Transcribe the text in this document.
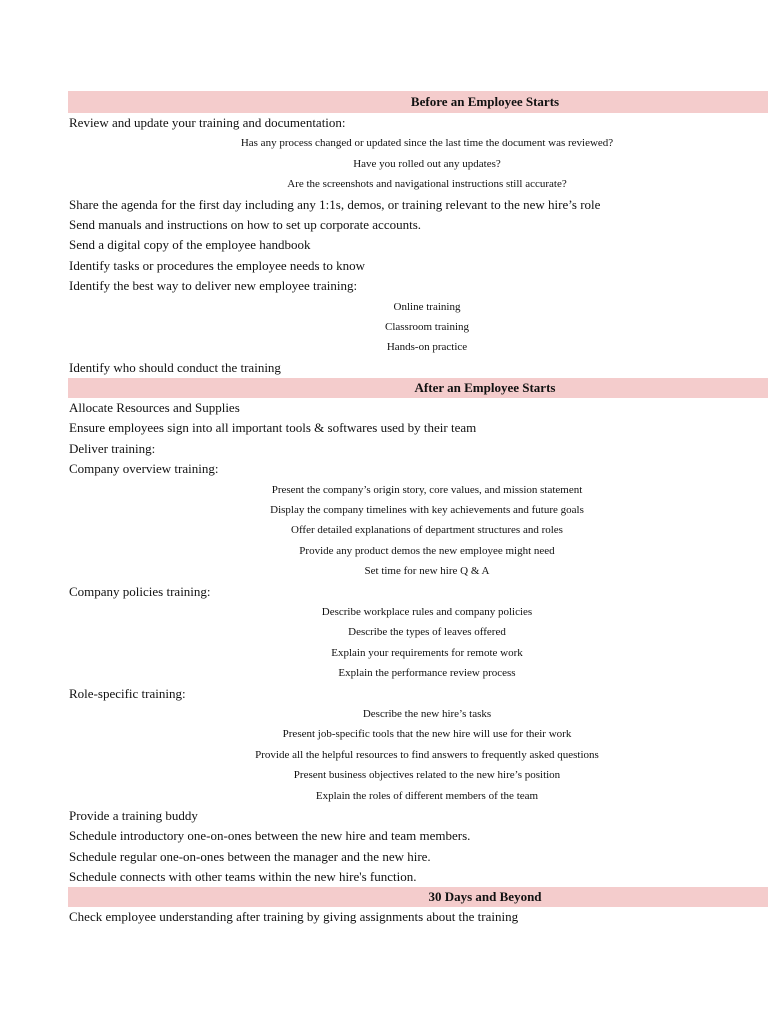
Before an Employee Starts
Review and update your training and documentation:
Has any process changed or updated since the last time the document was reviewed?
Have you rolled out any updates?
Are the screenshots and navigational instructions still accurate?
Share the agenda for the first day including any 1:1s, demos, or training relevant to the new hire’s role
Send manuals and instructions on how to set up corporate accounts.
Send a digital copy of the employee handbook
Identify tasks or procedures the employee needs to know
Identify the best way to deliver new employee training:
Online training
Classroom training
Hands-on practice
Identify who should conduct the training
After an Employee Starts
Allocate Resources and Supplies
Ensure employees sign into all important tools & softwares used by their team
Deliver training:
Company overview training:
Present the company’s origin story, core values, and mission statement
Display the company timelines with key achievements and future goals
Offer detailed explanations of department structures and roles
Provide any product demos the new employee might need
Set time for new hire Q & A
Company policies training:
Describe workplace rules and company policies
Describe the types of leaves offered
Explain your requirements for remote work
Explain the performance review process
Role-specific training:
Describe the new hire’s tasks
Present job-specific tools that the new hire will use for their work
Provide all the helpful resources to find answers to frequently asked questions
Present business objectives related to the new hire’s position
Explain the roles of different members of the team
Provide a training buddy
Schedule introductory one-on-ones between the new hire and team members.
Schedule regular one-on-ones between the manager and the new hire.
Schedule connects with other teams within the new hire's function.
30 Days and Beyond
Check employee understanding after training by giving assignments about the training
